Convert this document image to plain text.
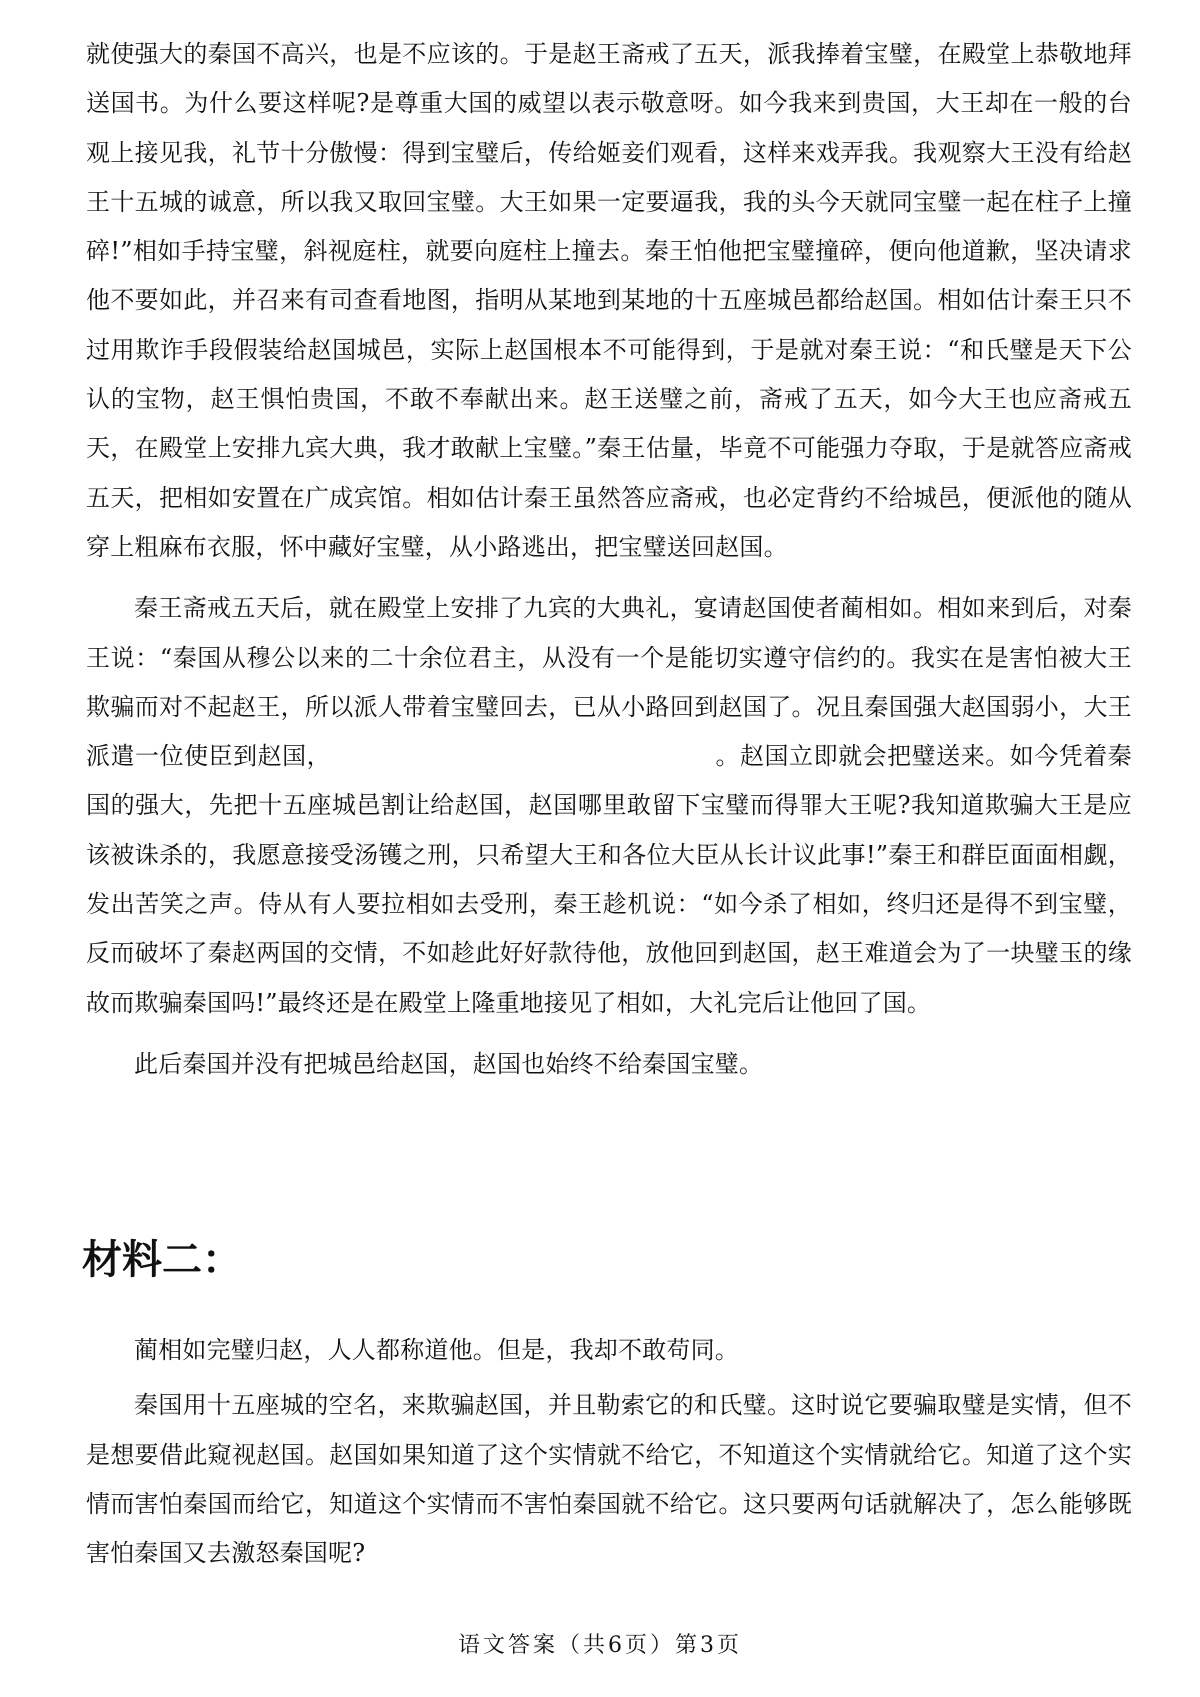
就使强大的秦国不高兴，也是不应该的。于是赵王斋戒了五天，派我捧着宝璧，在殿堂上恭敬地拜送国书。为什么要这样呢?是尊重大国的威望以表示敬意呀。如今我来到贵国，大王却在一般的台观上接见我，礼节十分傲慢：得到宝璧后，传给姬妾们观看，这样来戏弄我。我观察大王没有给赵王十五城的诚意，所以我又取回宝璧。大王如果一定要逼我，我的头今天就同宝璧一起在柱子上撞碎!”相如手持宝璧，斜视庭柱，就要向庭柱上撞去。秦王怕他把宝璧撞碎，便向他道歉，坚决请求他不要如此，并召来有司查看地图，指明从某地到某地的十五座城邑都给赵国。相如估计秦王只不过用欺诈手段假装给赵国城邑，实际上赵国根本不可能得到，于是就对秦王说：“和氏璧是天下公认的宝物，赵王惧怕贵国，不敢不奉献出来。赵王送璧之前，斋戒了五天，如今大王也应斋戒五天，在殿堂上安排九宾大典，我才敢献上宝璧。”秦王估量，毕竟不可能强力夺取，于是就答应斋戒五天，把相如安置在广成宾馆。相如估计秦王虽然答应斋戒，也必定背约不给城邑，便派他的随从穿上粗麻布衣服，怀中藏好宝璧，从小路逃出，把宝璧送回赵国。

秦王斋戒五天后，就在殿堂上安排了九宾的大典礼，宴请赵国使者蔺相如。相如来到后，对秦王说：“秦国从穆公以来的二十余位君主，从没有一个是能切实遵守信约的。我实在是害怕被大王欺骗而对不起赵王，所以派人带着宝璧回去，已从小路回到赵国了。况且秦国强大赵国弱小，大王派遣一位使臣到赵国，	。赵国立即就会把璧送来。如今凭着秦国的强大，先把十五座城邑割让给赵国，赵国哪里敢留下宝璧而得罪大王呢?我知道欺骗大王是应该被诛杀的，我愿意接受汤镬之刑，只希望大王和各位大臣从长计议此事!”秦王和群臣面面相觑，发出苦笑之声。侍从有人要拉相如去受刑，秦王趁机说：“如今杀了相如，终归还是得不到宝璧，反而破坏了秦赵两国的交情，不如趁此好好款待他，放他回到赵国，赵王难道会为了一块璧玉的缘故而欺骗秦国吗!”最终还是在殿堂上隆重地接见了相如，大礼完后让他回了国。

此后秦国并没有把城邑给赵国，赵国也始终不给秦国宝璧。

材料二：

蔺相如完璧归赵，人人都称道他。但是，我却不敢苟同。

秦国用十五座城的空名，来欺骗赵国，并且勒索它的和氏璧。这时说它要骗取璧是实情，但不是想要借此窥视赵国。赵国如果知道了这个实情就不给它，不知道这个实情就给它。知道了这个实情而害怕秦国而给它，知道这个实情而不害怕秦国就不给它。这只要两句话就解决了，怎么能够既害怕秦国又去激怒秦国呢?

语文答案（共6页）第3页
